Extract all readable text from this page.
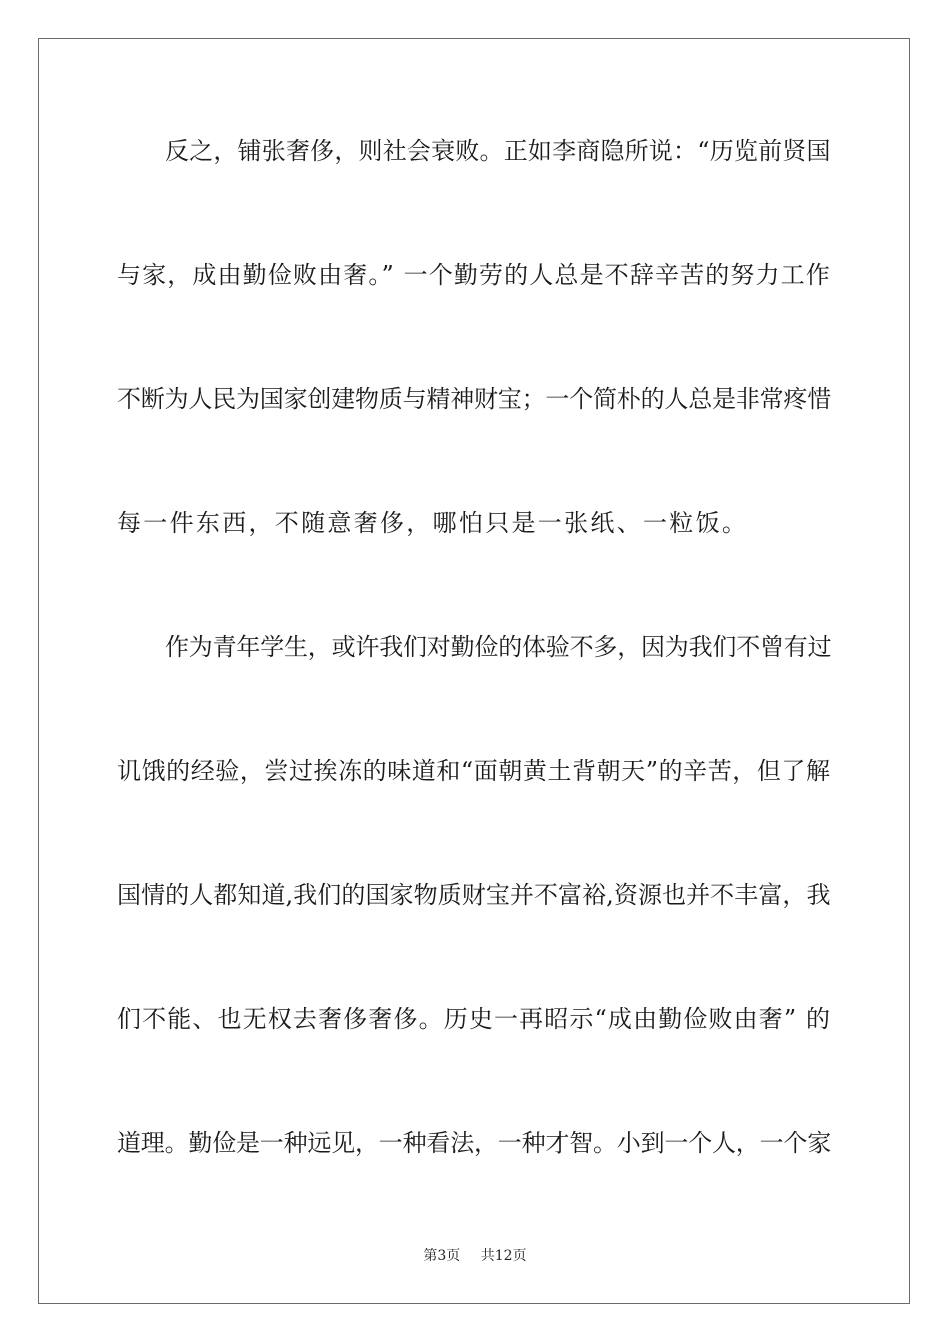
反之，铺张奢侈，则社会衰败。正如李商隐所说：“历览前贤国
与家，成由勤俭败由奢。” 一个勤劳的人总是不辞辛苦的努力工作
不断为人民为国家创建物质与精神财宝；一个简朴的人总是非常疼惜
每一件东西，不随意奢侈，哪怕只是一张纸、一粒饭。
作为青年学生，或许我们对勤俭的体验不多，因为我们不曾有过
讥饿的经验，尝过挨冻的味道和“面朝黄土背朝天”的辛苦，但了解
国情的人都知道,我们的国家物质财宝并不富裕,资源也并不丰富，我
们不能、也无权去奢侈奢侈。历史一再昭示“成由勤俭败由奢” 的
道理。勤俭是一种远见，一种看法，一种才智。小到一个人，一个家
第3页 共12页
